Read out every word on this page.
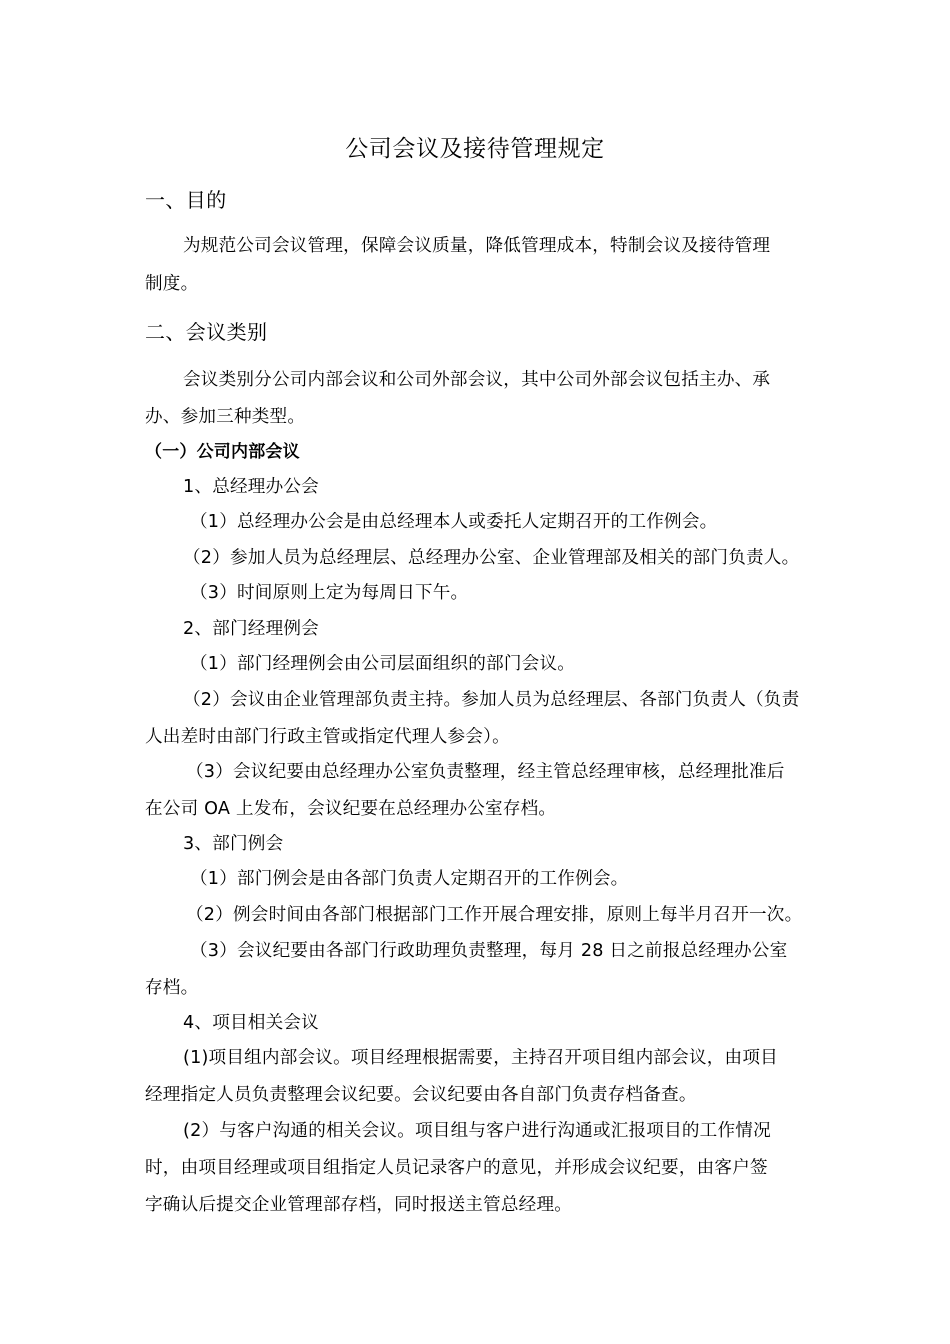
公司会议及接待管理规定
一、目的
为规范公司会议管理，保障会议质量，降低管理成本，特制会议及接待管理
制度。
二、会议类别
会议类别分公司内部会议和公司外部会议，其中公司外部会议包括主办、承
办、参加三种类型。
（一）公司内部会议
1、总经理办公会
（1）总经理办公会是由总经理本人或委托人定期召开的工作例会。
（2）参加人员为总经理层、总经理办公室、企业管理部及相关的部门负责人。
（3）时间原则上定为每周日下午。
2、部门经理例会
（1）部门经理例会由公司层面组织的部门会议。
（2）会议由企业管理部负责主持。参加人员为总经理层、各部门负责人（负责
人出差时由部门行政主管或指定代理人参会）。
（3）会议纪要由总经理办公室负责整理，经主管总经理审核，总经理批准后
在公司 OA 上发布，会议纪要在总经理办公室存档。
3、部门例会
（1）部门例会是由各部门负责人定期召开的工作例会。
（2）例会时间由各部门根据部门工作开展合理安排，原则上每半月召开一次。
（3）会议纪要由各部门行政助理负责整理，每月 28 日之前报总经理办公室
存档。
4、项目相关会议
(1)项目组内部会议。项目经理根据需要，主持召开项目组内部会议，由项目
经理指定人员负责整理会议纪要。会议纪要由各自部门负责存档备查。
(2）与客户沟通的相关会议。项目组与客户进行沟通或汇报项目的工作情况
时，由项目经理或项目组指定人员记录客户的意见，并形成会议纪要，由客户签
字确认后提交企业管理部存档，同时报送主管总经理。
